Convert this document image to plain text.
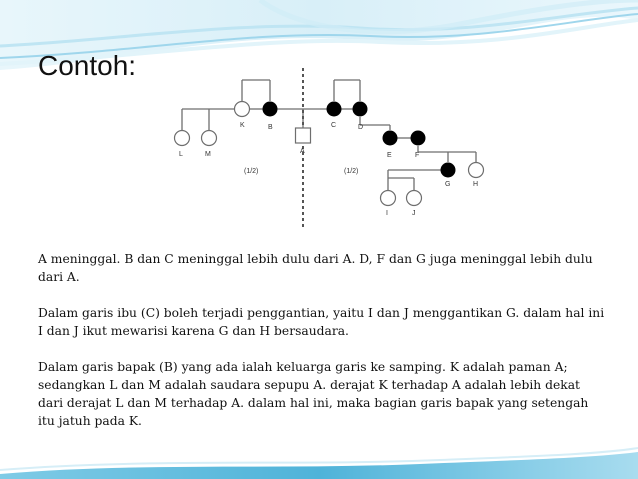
Contoh:
K	B
A
C	D
E	F
G	H
I	J
L	M
(1/2)	(1/2)

A meninggal. B dan C meninggal lebih dulu dari A. D, F dan G juga meninggal lebih dulu dari A.

Dalam garis ibu (C) boleh terjadi penggantian, yaitu I dan J menggantikan G. dalam hal ini I dan J ikut mewarisi karena G dan H bersaudara.

Dalam garis bapak (B) yang ada ialah keluarga garis ke samping. K adalah paman A; sedangkan L dan M adalah saudara sepupu A. derajat K terhadap A adalah lebih dekat dari derajat L dan M terhadap A. dalam hal ini, maka bagian garis bapak yang setengah itu jatuh pada K.
